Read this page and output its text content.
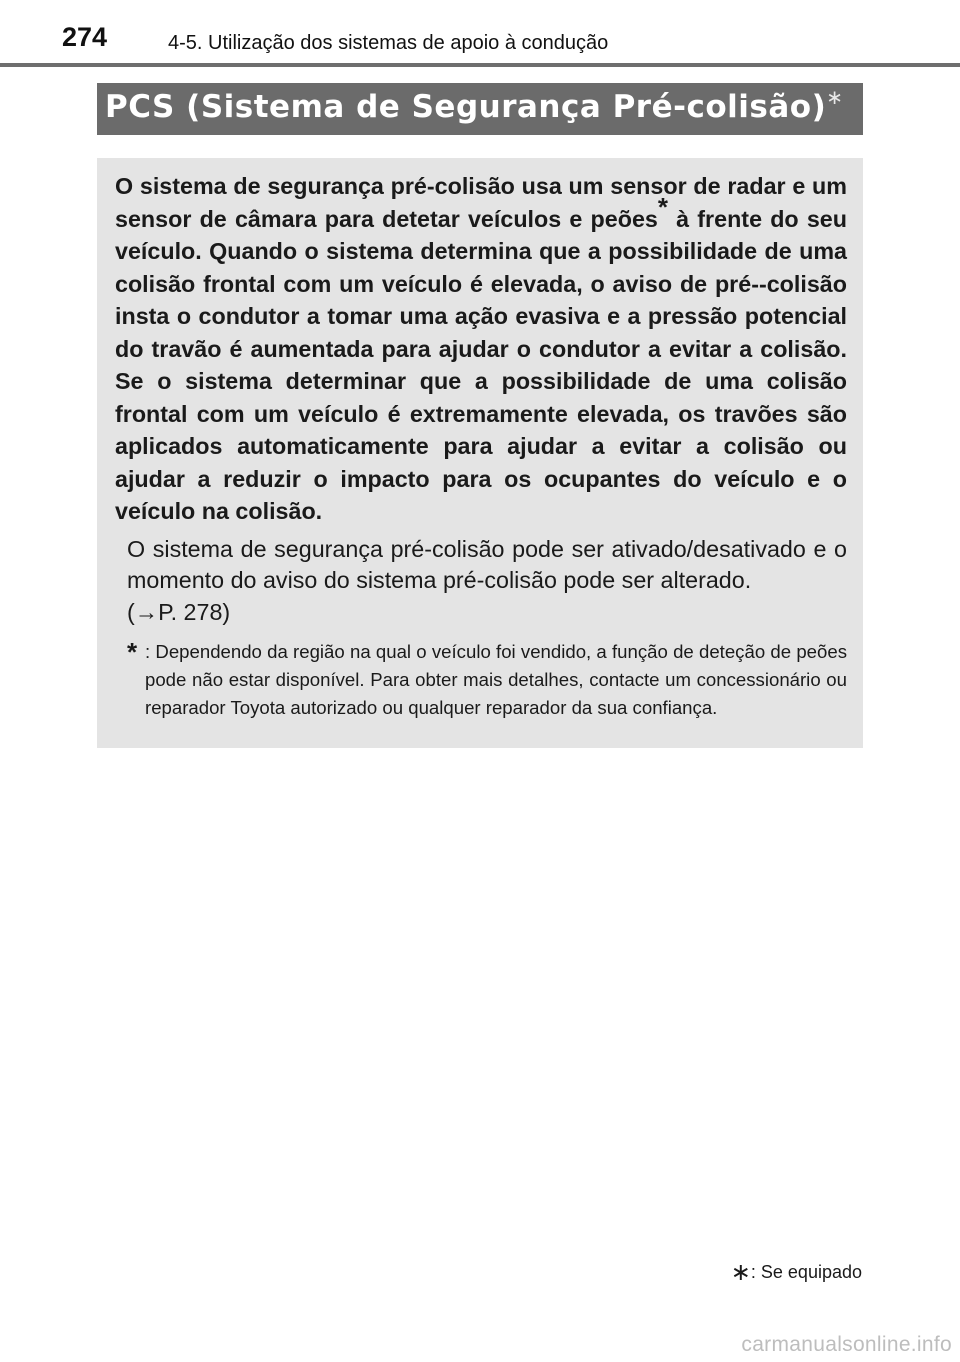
274	4-5. Utilização dos sistemas de apoio à condução
PCS (Sistema de Segurança Pré-colisão)∗

O sistema de segurança pré-colisão usa um sensor de radar e um sensor de câmara para detetar veículos e peões* à frente do seu veículo. Quando o sistema determina que a possibilidade de uma colisão frontal com um veículo é elevada, o aviso de pré--colisão insta o condutor a tomar uma ação evasiva e a pressão potencial do travão é aumentada para ajudar o condutor a evitar a colisão. Se o sistema determinar que a possibilidade de uma colisão frontal com um veículo é extremamente elevada, os travões são aplicados automaticamente para ajudar a evitar a colisão ou ajudar a reduzir o impacto para os ocupantes do veículo e o veículo na colisão.

O sistema de segurança pré-colisão pode ser ativado/desativado e o momento do aviso do sistema pré-colisão pode ser alterado.
(→P. 278)

* : Dependendo da região na qual o veículo foi vendido, a função de deteção de peões pode não estar disponível. Para obter mais detalhes, contacte um concessionário ou reparador Toyota autorizado ou qualquer reparador da sua confiança.
∗: Se equipado
carmanualsonline.info
